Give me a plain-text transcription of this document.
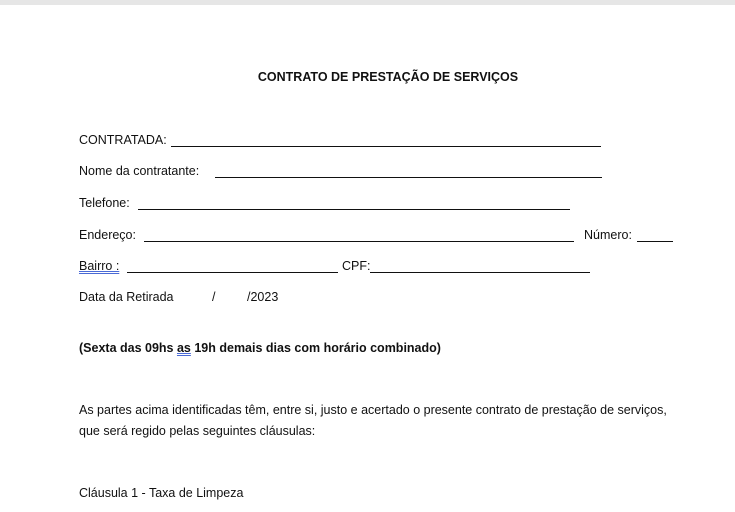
CONTRATO DE PRESTAÇÃO DE SERVIÇOS
CONTRATADA:
Nome da contratante:
Telefone:
Endereço:	Número:
Bairro :	CPF:
Data da Retirada	/	/2023
(Sexta das 09hs as 19h demais dias com horário combinado)
As partes acima identificadas têm, entre si, justo e acertado o presente contrato de prestação de serviços, que será regido pelas seguintes cláusulas:
Cláusula 1 - Taxa de Limpeza
